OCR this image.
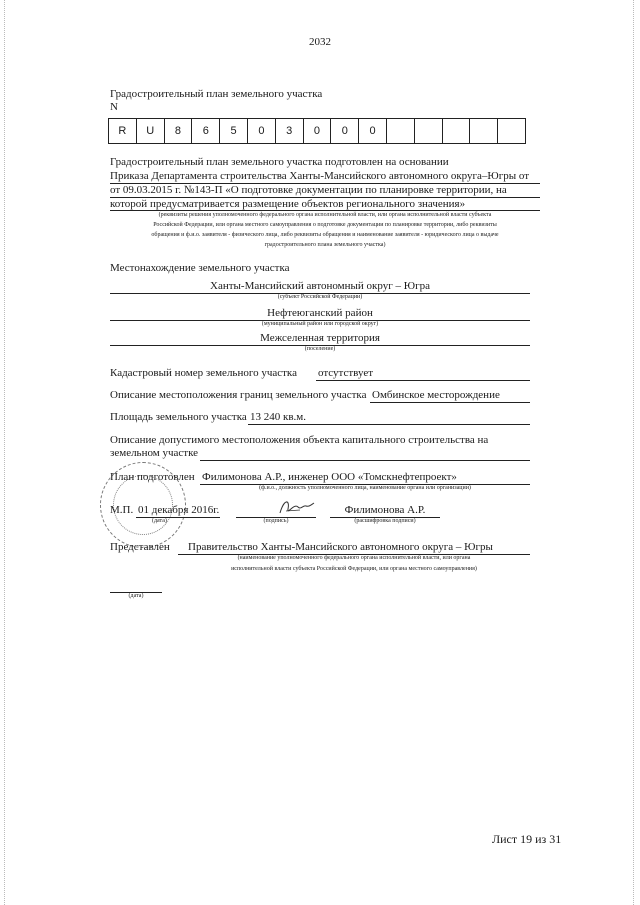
2032
Градостроительный план земельного участка
N
R	U	8	6	5	0	3	0	0	0
Градостроительный план земельного участка подготовлен на основании
Приказа Департамента строительства Ханты-Мансийского автономного округа–Югры от
от 09.03.2015 г. №143-П «О подготовке документации по планировке территории, на
которой предусматривается размещение объектов регионального значения»
(реквизиты решения уполномоченного федерального органа исполнительной власти, или органа исполнительной власти субъекта
Российской Федерации, или органа местного самоуправления о подготовке документации по планировке территории, либо реквизиты
обращения и ф.и.о. заявителя - физического лица, либо реквизиты обращения и наименование заявителя - юридического лица о выдаче
градостроительного плана земельного участка)
Местонахождение земельного участка
Ханты-Мансийский автономный округ – Югра
(субъект Российской Федерации)
Нефтеюганский район
(муниципальный район или городской округ)
Межселенная территория
(поселение)
Кадастровый номер земельного участка отсутствует
Описание местоположения границ земельного участка Омбинское месторождение
Площадь земельного участка 13 240 кв.м.
Описание допустимого местоположения объекта капитального строительства на
земельном участке
План подготовлен Филимонова А.Р., инженер ООО «Томскнефтепроект»
(ф.и.о., должность уполномоченного лица, наименование органа или организации)
М.П. 01 декабря 2016г.
(дата)	(подпись)
Филимонова А.Р.
(расшифровка подписи)
Представлен Правительство Ханты-Мансийского автономного округа – Югры
(наименование уполномоченного федерального органа исполнительной власти, или органа
исполнительной власти субъекта Российской Федерации, или органа местного самоуправления)
(дата)
Лист 19 из 31
